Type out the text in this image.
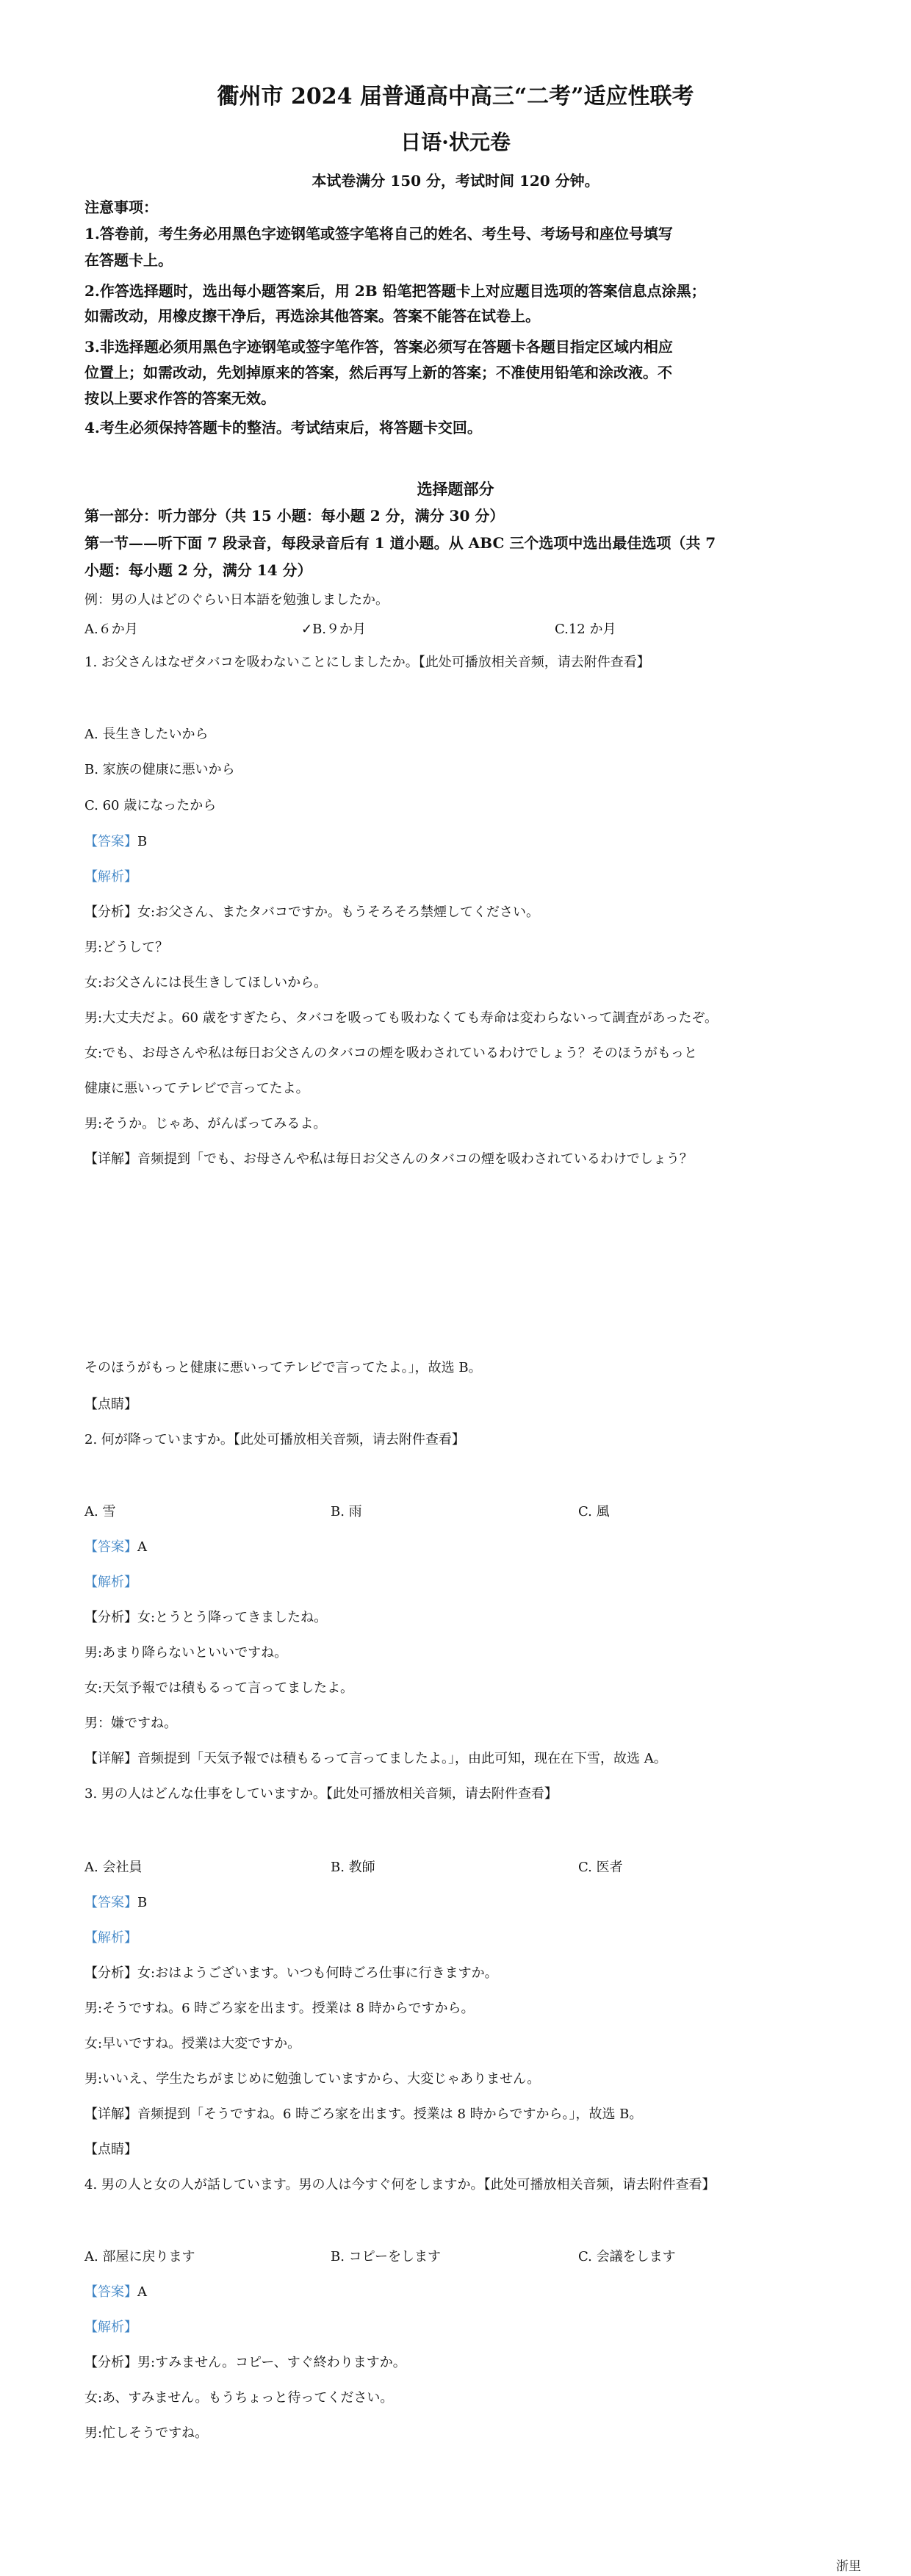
衢州市 2024 届普通高中高三“二考”适应性联考
日语·状元卷
本试卷满分 150 分，考试时间 120 分钟。
注意事项：
1.答卷前，考生务必用黑色字迹钢笔或签字笔将自己的姓名、考生号、考场号和座位号填写
在答题卡上。
2.作答选择题时，选出每小题答案后，用 2B 铅笔把答题卡上对应题目选项的答案信息点涂黑；
如需改动，用橡皮擦干净后，再选涂其他答案。答案不能答在试卷上。
3.非选择题必须用黑色字迹钢笔或签字笔作答，答案必须写在答题卡各题目指定区域内相应
位置上；如需改动，先划掉原来的答案，然后再写上新的答案；不准使用铅笔和涂改液。不
按以上要求作答的答案无效。
4.考生必须保持答题卡的整洁。考试结束后，将答题卡交回。
选择题部分
第一部分：听力部分（共 15 小题：每小题 2 分，满分 30 分）
第一节——听下面 7 段录音，每段录音后有 1 道小题。从 ABC 三个选项中选出最佳选项（共 7
小题：每小题 2 分，满分 14 分）
例：男の人はどのぐらい日本語を勉強しましたか。
A.６か月	✓B.９か月	C.12 か月
1. お父さんはなぜタバコを吸わないことにしましたか。【此处可播放相关音频，请去附件查看】
A. 長生きしたいから
B. 家族の健康に悪いから
C. 60 歳になったから
【答案】B
【解析】
【分析】女:お父さん、またタバコですか。もうそろそろ禁煙してください。
男:どうして？
女:お父さんには長生きしてほしいから。
男:大丈夫だよ。60 歳をすぎたら、タバコを吸っても吸わなくても寿命は変わらないって調査があったぞ。
女:でも、お母さんや私は毎日お父さんのタバコの煙を吸わされているわけでしょう？そのほうがもっと
健康に悪いってテレビで言ってたよ。
男:そうか。じゃあ、がんばってみるよ。
【详解】音频提到「でも、お母さんや私は毎日お父さんのタバコの煙を吸わされているわけでしょう？
そのほうがもっと健康に悪いってテレビで言ってたよ。」，故选 B。
【点睛】
2. 何が降っていますか。【此处可播放相关音频，请去附件查看】
A. 雪	B. 雨	C. 風
【答案】A
【解析】
【分析】女:とうとう降ってきましたね。
男:あまり降らないといいですね。
女:天気予報では積もるって言ってましたよ。
男：嫌ですね。
【详解】音频提到「天気予報では積もるって言ってましたよ。」，由此可知，现在在下雪，故选 A。
3. 男の人はどんな仕事をしていますか。【此处可播放相关音频，请去附件查看】
A. 会社員	B. 教師	C. 医者
【答案】B
【解析】
【分析】女:おはようございます。いつも何時ごろ仕事に行きますか。
男:そうですね。6 時ごろ家を出ます。授業は 8 時からですから。
女:早いですね。授業は大変ですか。
男:いいえ、学生たちがまじめに勉強していますから、大変じゃありません。
【详解】音频提到「そうですね。6 時ごろ家を出ます。授業は 8 時からですから。」，故选 B。
【点睛】
4. 男の人と女の人が話しています。男の人は今すぐ何をしますか。【此处可播放相关音频，请去附件查看】
A. 部屋に戻ります	B. コピーをします	C. 会議をします
【答案】A
【解析】
【分析】男:すみません。コピー、すぐ終わりますか。
女:あ、すみません。もうちょっと待ってください。
男:忙しそうですね。
浙里
